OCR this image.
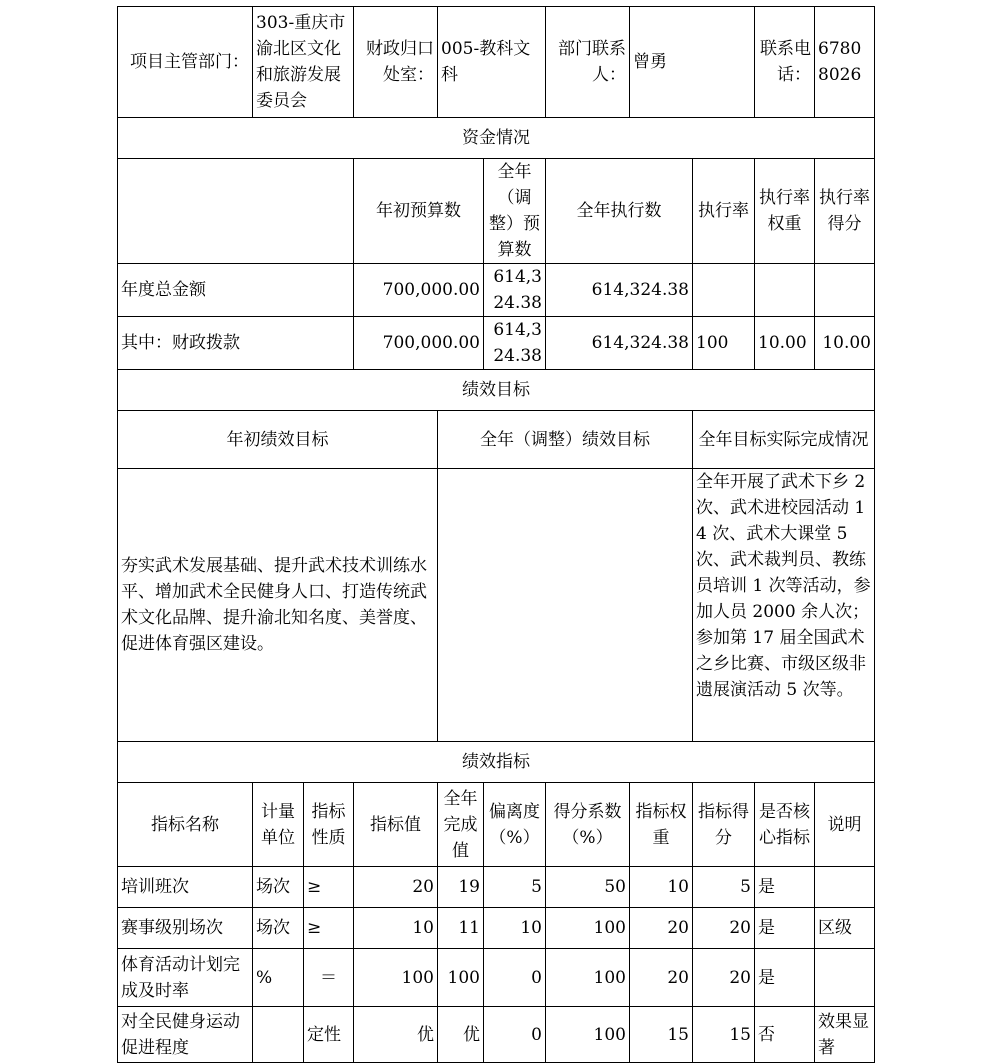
项目主管部门：	303-重庆市渝北区文化和旅游发展委员会		财政归口处室：	005-教科文科		部门联系人：	曾勇		联系电话：	67808026
资金情况										
			年初预算数		全年（调整）预算数	全年执行数		执行率	执行率权重	执行率得分
年度总金额			700,000.00		614,324.38	614,324.38				
其中：财政拨款			700,000.00		614,324.38	614,324.38		100	10.00	10.00
绩效目标										
年初绩效目标				全年（调整）绩效目标				全年目标实际完成情况		
夯实武术发展基础、提升武术技术训练水平、增加武术全民健身人口、打造传统武术文化品牌、提升渝北知名度、美誉度、促进体育强区建设。								全年开展了武术下乡 2 次、武术进校园活动 14 次、武术大课堂 5 次、武术裁判员、教练员培训 1 次等活动，参加人员 2000 余人次；参加第 17 届全国武术之乡比赛、市级区级非遗展演活动 5 次等。		
绩效指标										
指标名称	计量单位	指标性质	指标值	全年完成值	偏离度（%）	得分系数（%）	指标权重	指标得分	是否核心指标	说明
培训班次	场次	≥	20	19	5	50	10	5	是	
赛事级别场次	场次	≥	10	11	10	100	20	20	是	区级
体育活动计划完成及时率	%	＝	100	100	0	100	20	20	是	
对全民健身运动促进程度		定性	优	优	0	100	15	15	否	效果显著
